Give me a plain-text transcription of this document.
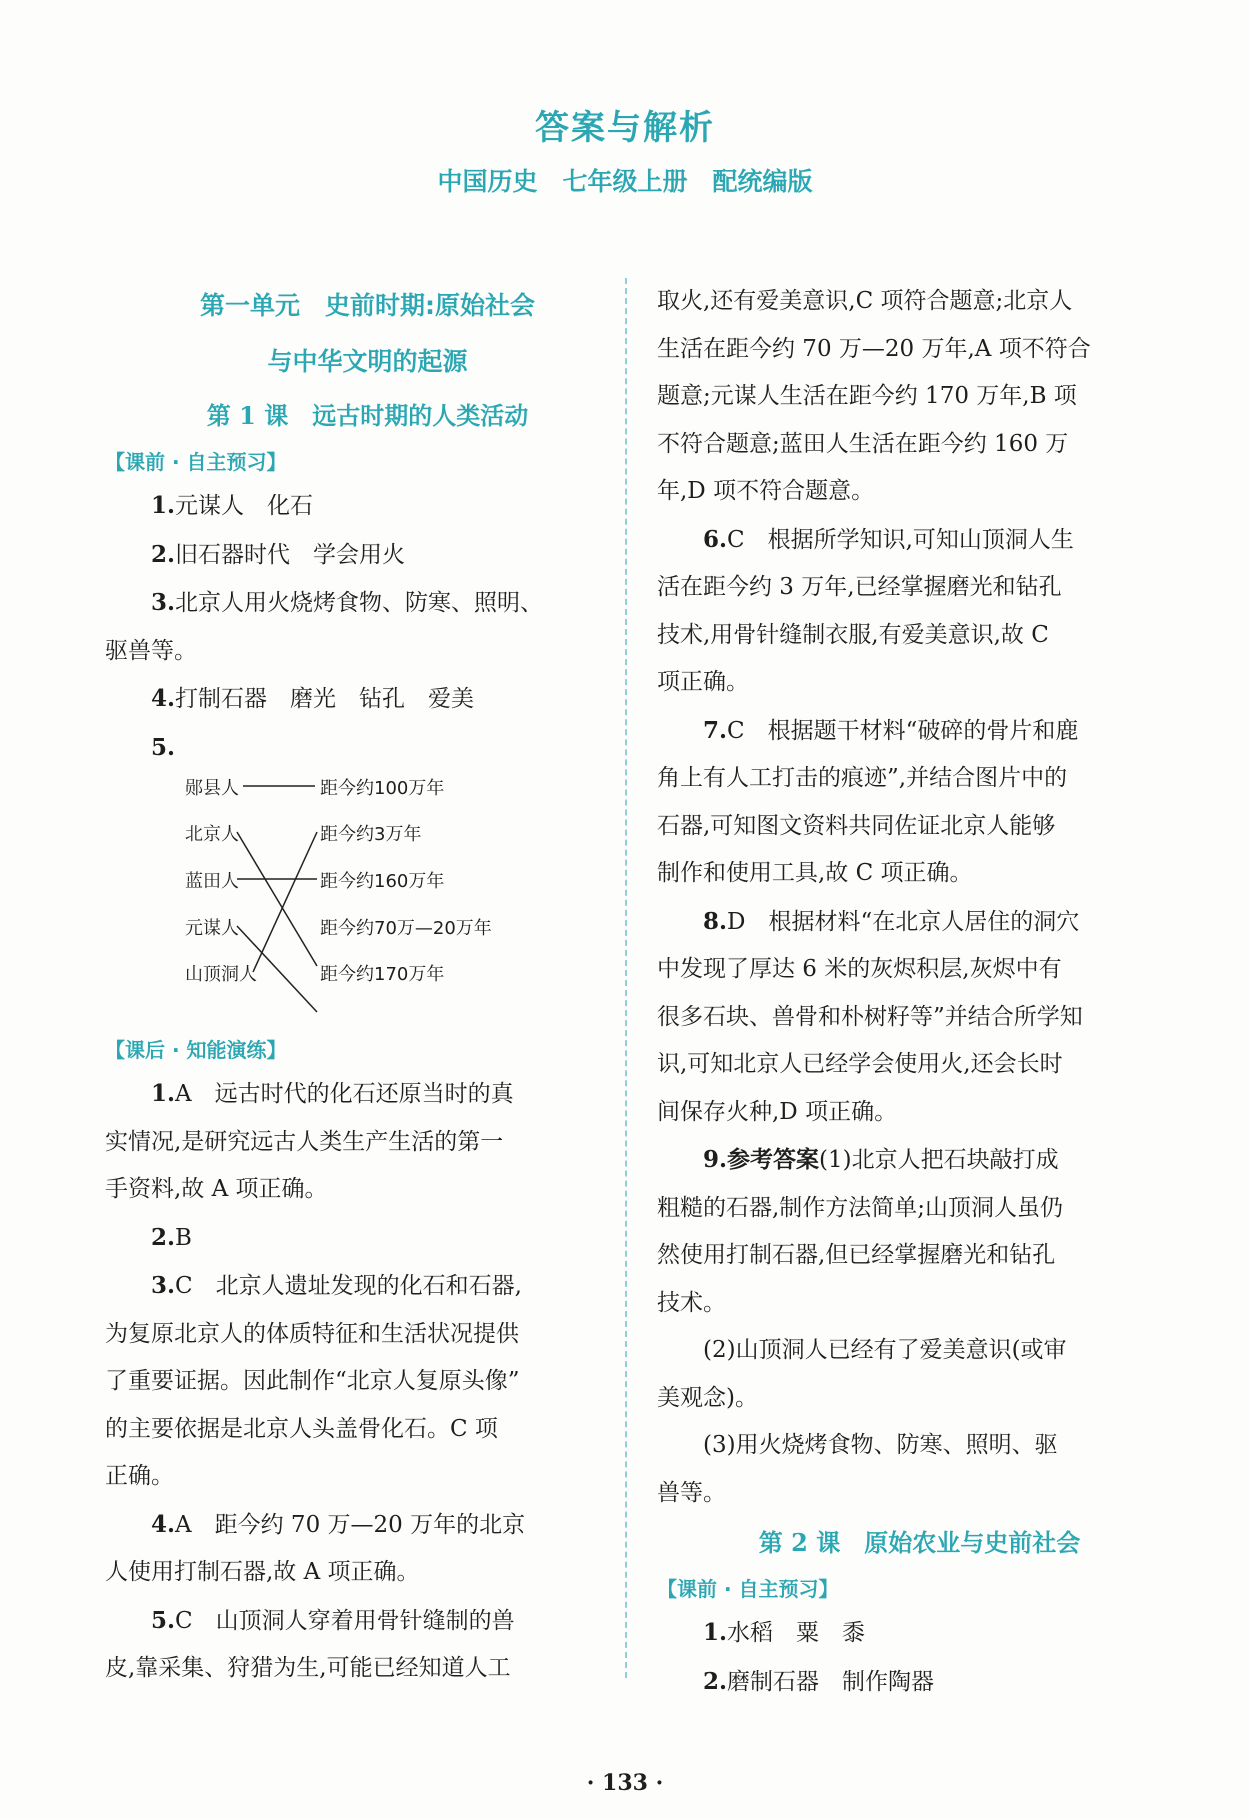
答案与解析
中国历史　七年级上册　配统编版
第一单元　史前时期:原始社会
与中华文明的起源
第 1 课　远古时期的人类活动
【课前 · 自主预习】
1.元谋人　化石
2.旧石器时代　学会用火
3.北京人用火烧烤食物、防寒、照明、
驱兽等。
4.打制石器　磨光　钻孔　爱美
5.
郧县人
北京人
蓝田人
元谋人
山顶洞人
距今约100万年
距今约3万年
距今约160万年
距今约70万—20万年
距今约170万年
【课后 · 知能演练】
1.A　远古时代的化石还原当时的真
实情况,是研究远古人类生产生活的第一
手资料,故 A 项正确。
2.B
3.C　北京人遗址发现的化石和石器,
为复原北京人的体质特征和生活状况提供
了重要证据。因此制作“北京人复原头像”
的主要依据是北京人头盖骨化石。C 项
正确。
4.A　距今约 70 万—20 万年的北京
人使用打制石器,故 A 项正确。
5.C　山顶洞人穿着用骨针缝制的兽
皮,靠采集、狩猎为生,可能已经知道人工
取火,还有爱美意识,C 项符合题意;北京人
生活在距今约 70 万—20 万年,A 项不符合
题意;元谋人生活在距今约 170 万年,B 项
不符合题意;蓝田人生活在距今约 160 万
年,D 项不符合题意。
6.C　根据所学知识,可知山顶洞人生
活在距今约 3 万年,已经掌握磨光和钻孔
技术,用骨针缝制衣服,有爱美意识,故 C
项正确。
7.C　根据题干材料“破碎的骨片和鹿
角上有人工打击的痕迹”,并结合图片中的
石器,可知图文资料共同佐证北京人能够
制作和使用工具,故 C 项正确。
8.D　根据材料“在北京人居住的洞穴
中发现了厚达 6 米的灰烬积层,灰烬中有
很多石块、兽骨和朴树籽等”并结合所学知
识,可知北京人已经学会使用火,还会长时
间保存火种,D 项正确。
9.参考答案(1)北京人把石块敲打成
粗糙的石器,制作方法简单;山顶洞人虽仍
然使用打制石器,但已经掌握磨光和钻孔
技术。
(2)山顶洞人已经有了爱美意识(或审
美观念)。
(3)用火烧烤食物、防寒、照明、驱
兽等。
第 2 课　原始农业与史前社会
【课前 · 自主预习】
1.水稻　粟　黍
2.磨制石器　制作陶器
· 133 ·
